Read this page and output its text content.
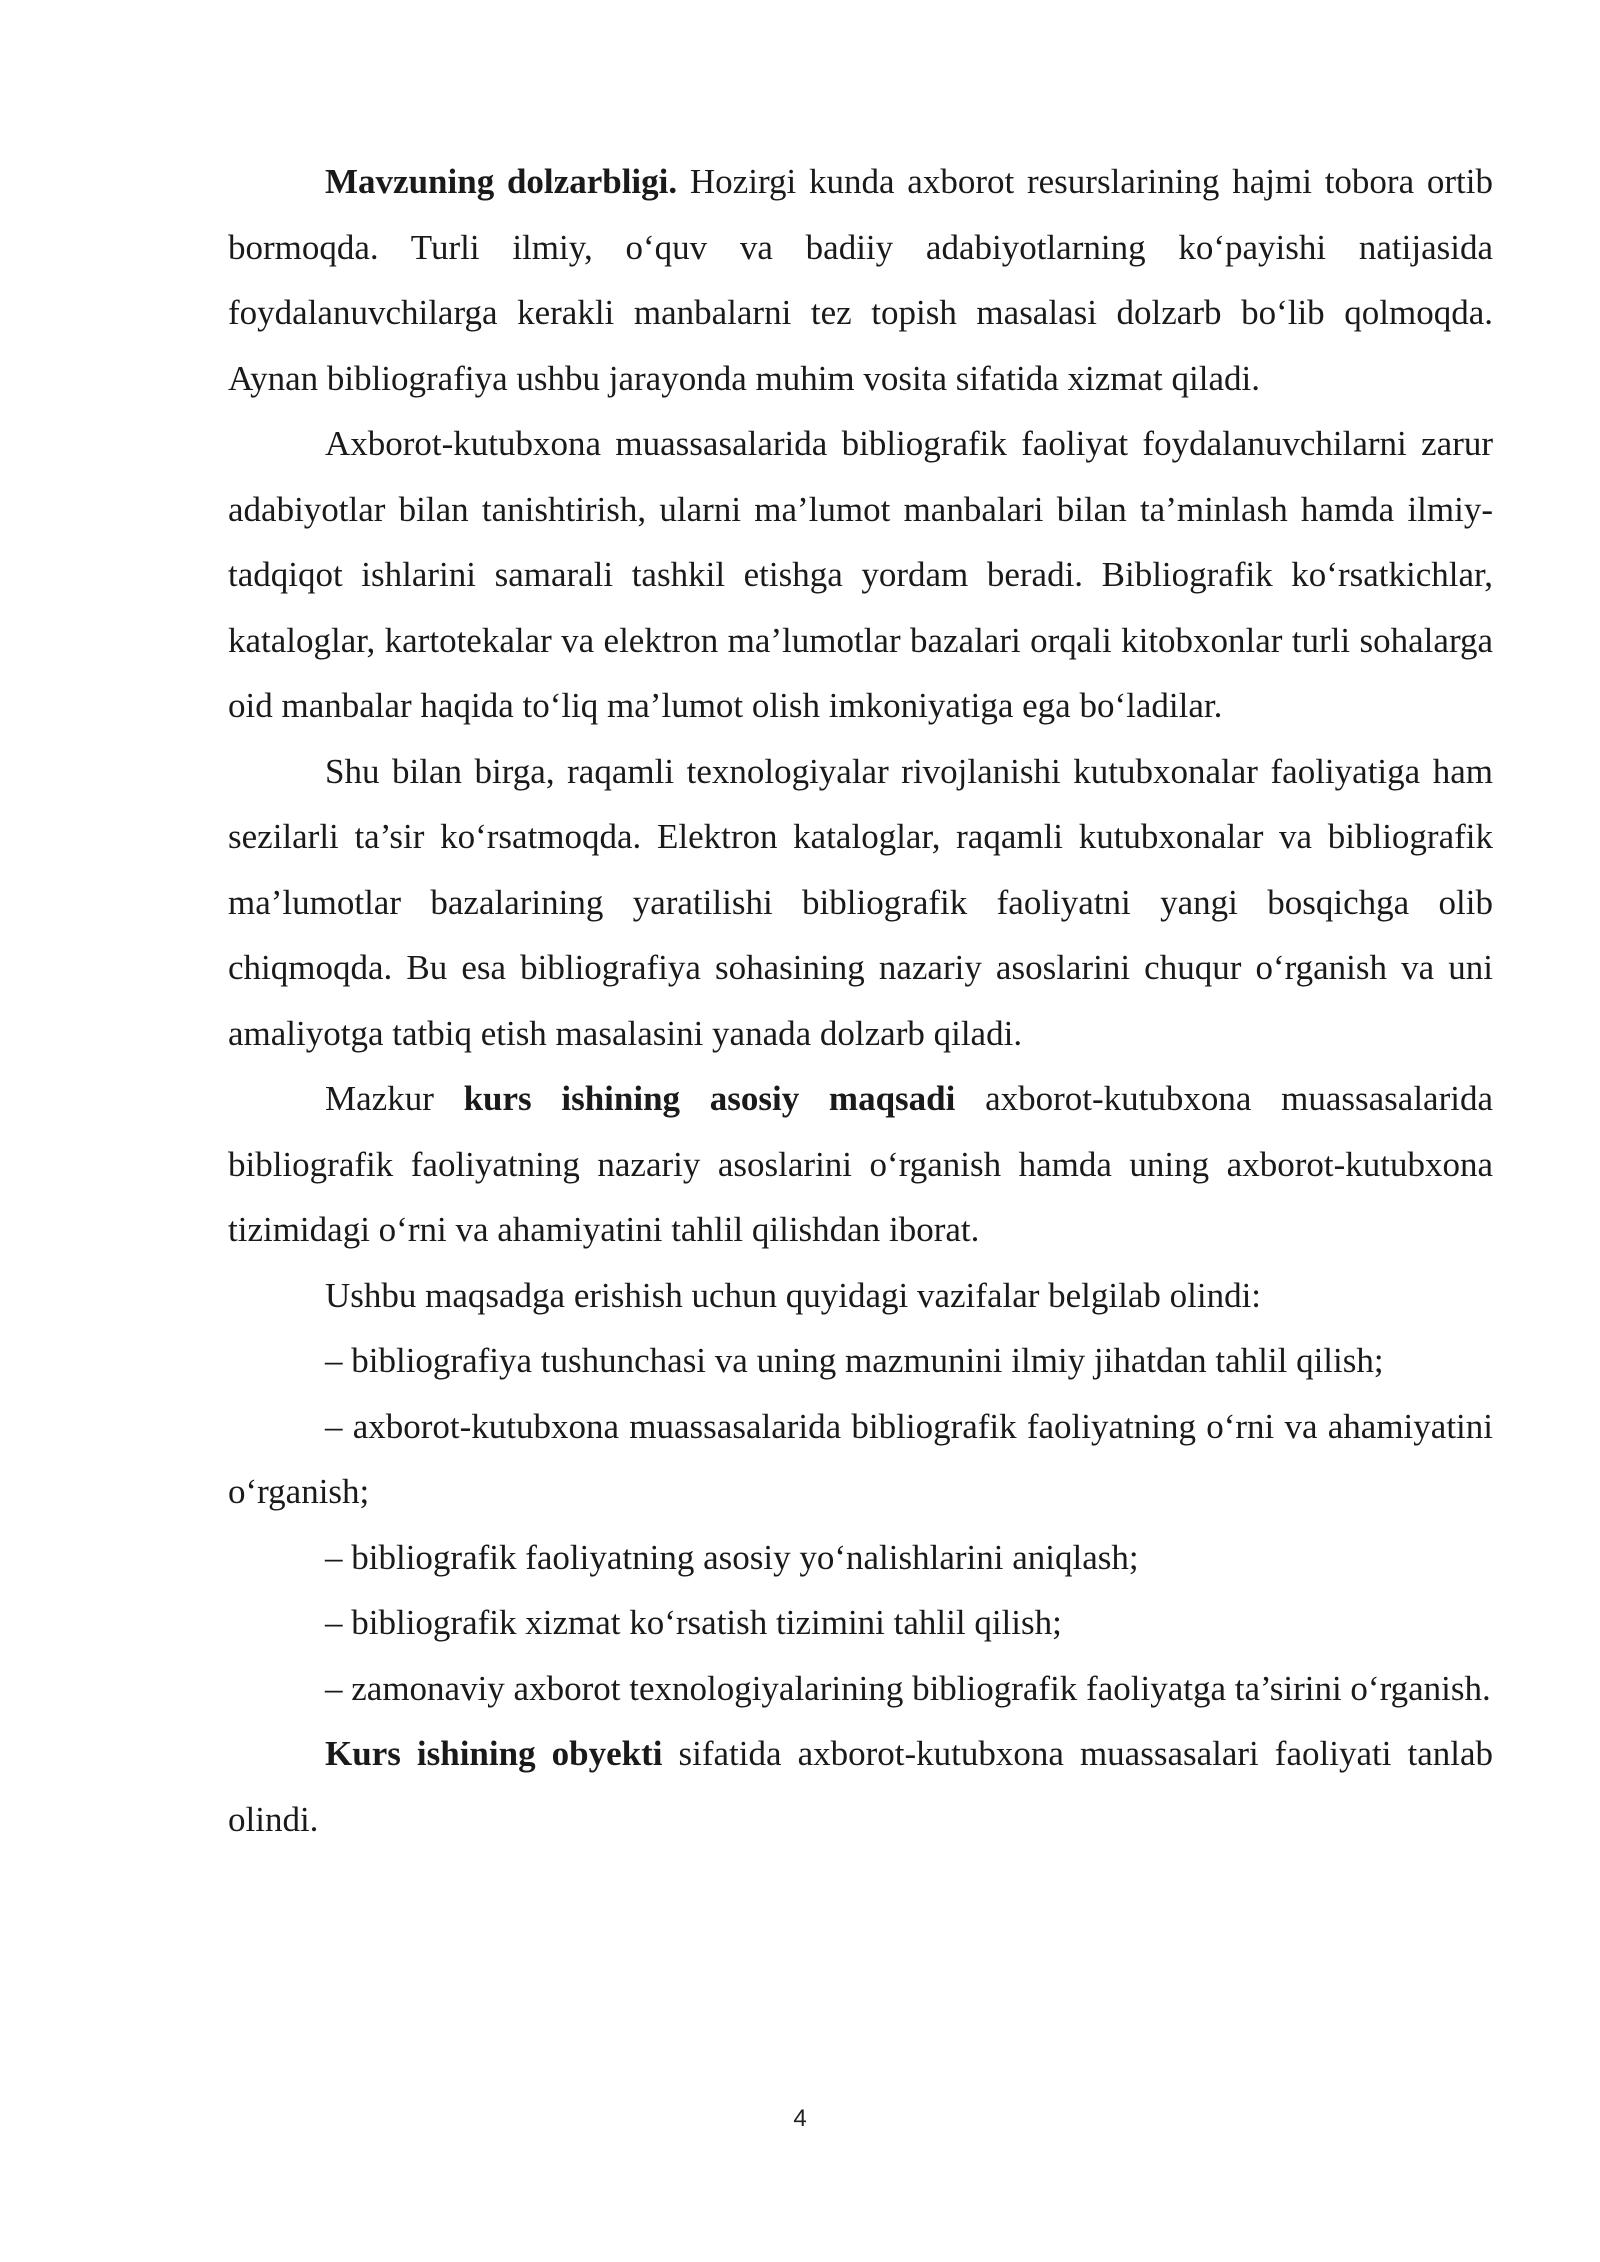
Mavzuning dolzarbligi. Hozirgi kunda axborot resurslarining hajmi tobora ortib bormoqda. Turli ilmiy, o‘quv va badiiy adabiyotlarning ko‘payishi natijasida foydalanuvchilarga kerakli manbalarni tez topish masalasi dolzarb bo‘lib qolmoqda. Aynan bibliografiya ushbu jarayonda muhim vosita sifatida xizmat qiladi.

Axborot-kutubxona muassasalarida bibliografik faoliyat foydalanuvchilarni zarur adabiyotlar bilan tanishtirish, ularni ma’lumot manbalari bilan ta’minlash hamda ilmiy-tadqiqot ishlarini samarali tashkil etishga yordam beradi. Bibliografik ko‘rsatkichlar, kataloglar, kartotekalar va elektron ma’lumotlar bazalari orqali kitobxonlar turli sohalarga oid manbalar haqida to‘liq ma’lumot olish imkoniyatiga ega bo‘ladilar.

Shu bilan birga, raqamli texnologiyalar rivojlanishi kutubxonalar faoliyatiga ham sezilarli ta’sir ko‘rsatmoqda. Elektron kataloglar, raqamli kutubxonalar va bibliografik ma’lumotlar bazalarining yaratilishi bibliografik faoliyatni yangi bosqichga olib chiqmoqda. Bu esa bibliografiya sohasining nazariy asoslarini chuqur o‘rganish va uni amaliyotga tatbiq etish masalasini yanada dolzarb qiladi.

Mazkur kurs ishining asosiy maqsadi axborot-kutubxona muassasalarida bibliografik faoliyatning nazariy asoslarini o‘rganish hamda uning axborot-kutubxona tizimidagi o‘rni va ahamiyatini tahlil qilishdan iborat.

Ushbu maqsadga erishish uchun quyidagi vazifalar belgilab olindi:

– bibliografiya tushunchasi va uning mazmunini ilmiy jihatdan tahlil qilish;

– axborot-kutubxona muassasalarida bibliografik faoliyatning o‘rni va ahamiyatini o‘rganish;

– bibliografik faoliyatning asosiy yo‘nalishlarini aniqlash;

– bibliografik xizmat ko‘rsatish tizimini tahlil qilish;

– zamonaviy axborot texnologiyalarining bibliografik faoliyatga ta’sirini o‘rganish.

Kurs ishining obyekti sifatida axborot-kutubxona muassasalari faoliyati tanlab olindi.

4
